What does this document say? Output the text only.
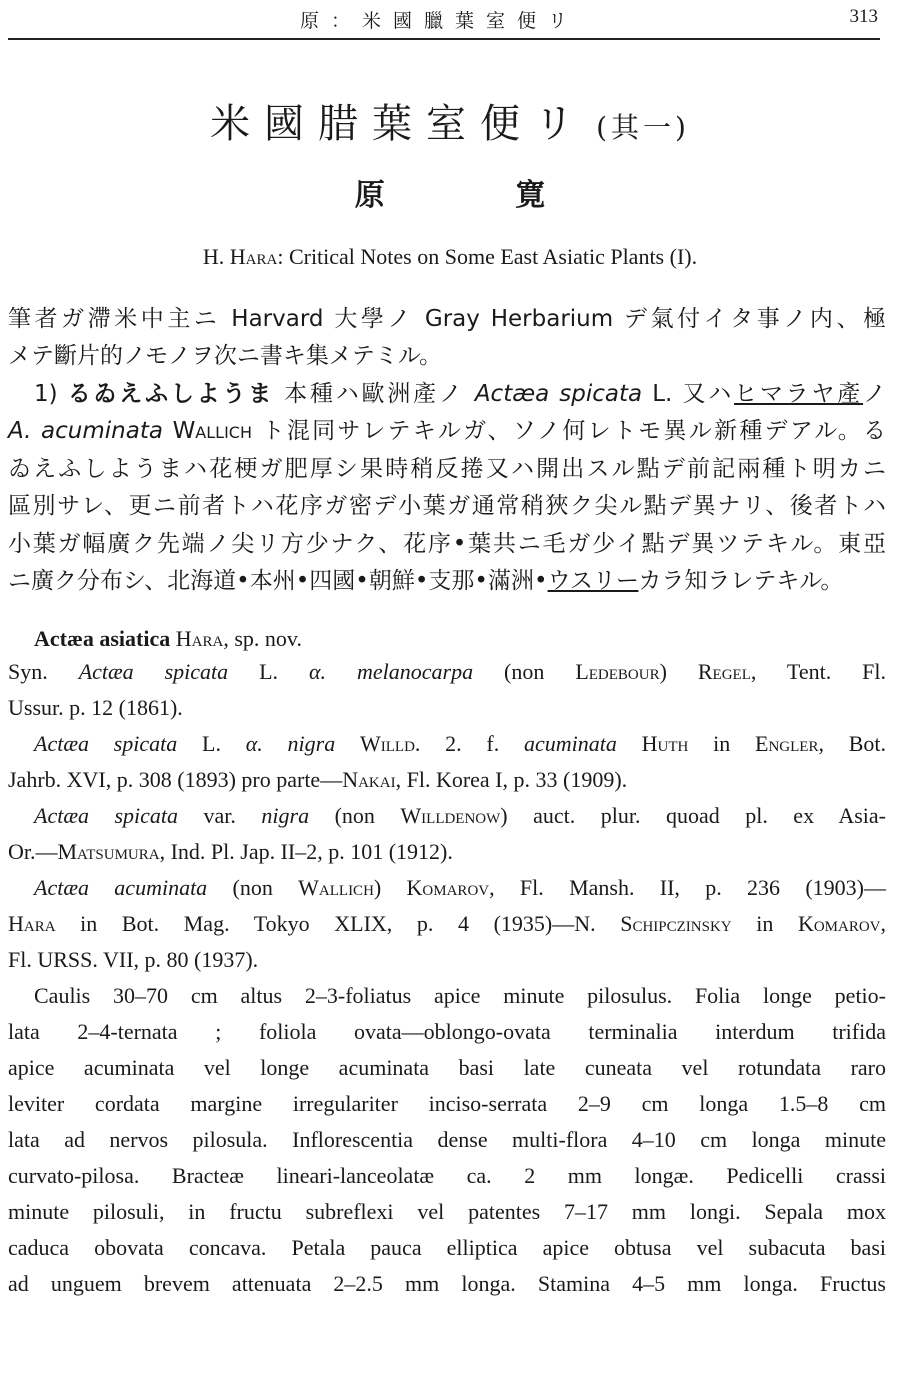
原：米國臘葉室便リ	313
米國腊葉室便リ (其一)
原 寛
H. Hara: Critical Notes on Some East Asiatic Plants (I).
筆者ガ滯米中主ニ Harvard 大學ノ Gray Herbarium デ氣付イタ事ノ内、極
メテ斷片的ノモノヲ次ニ書キ集メテミル。
1) るゐえふしようま 本種ハ歐洲產ノ Actæa spicata L. 又ハヒマラヤ產ノ
A. acuminata Wallich ト混同サレテキルガ、ソノ何レトモ異ル新種デアル。る
ゐえふしようまハ花梗ガ肥厚シ果時稍反捲又ハ開出スル點デ前記兩種ト明カニ
區別サレ、更ニ前者トハ花序ガ密デ小葉ガ通常稍狹ク尖ル點デ異ナリ、後者トハ
小葉ガ幅廣ク先端ノ尖リ方少ナク、花序•葉共ニ毛ガ少イ點デ異ツテキル。東亞
ニ廣ク分布シ、北海道•本州•四國•朝鮮•支那•滿洲•ウスリーカラ知ラレテキル。
Actæa asiatica Hara, sp. nov.
Syn. Actæa spicata L. α. melanocarpa (non Ledebour) Regel, Tent. Fl.
Ussur. p. 12 (1861).
Actæa spicata L. α. nigra Willd. 2. f. acuminata Huth in Engler, Bot.
Jahrb. XVI, p. 308 (1893) pro parte—Nakai, Fl. Korea I, p. 33 (1909).
Actæa spicata var. nigra (non Willdenow) auct. plur. quoad pl. ex Asia-
Or.—Matsumura, Ind. Pl. Jap. II–2, p. 101 (1912).
Actæa acuminata (non Wallich) Komarov, Fl. Mansh. II, p. 236 (1903)—
Hara in Bot. Mag. Tokyo XLIX, p. 4 (1935)—N. Schipczinsky in Komarov,
Fl. URSS. VII, p. 80 (1937).
Caulis 30–70 cm altus 2–3-foliatus apice minute pilosulus. Folia longe petio-
lata 2–4-ternata ; foliola ovata—oblongo-ovata terminalia interdum trifida
apice acuminata vel longe acuminata basi late cuneata vel rotundata raro
leviter cordata margine irregulariter inciso-serrata 2–9 cm longa 1.5–8 cm
lata ad nervos pilosula. Inflorescentia dense multi-flora 4–10 cm longa minute
curvato-pilosa. Bracteæ lineari-lanceolatæ ca. 2 mm longæ. Pedicelli crassi
minute pilosuli, in fructu subreflexi vel patentes 7–17 mm longi. Sepala mox
caduca obovata concava. Petala pauca elliptica apice obtusa vel subacuta basi
ad unguem brevem attenuata 2–2.5 mm longa. Stamina 4–5 mm longa. Fructus
